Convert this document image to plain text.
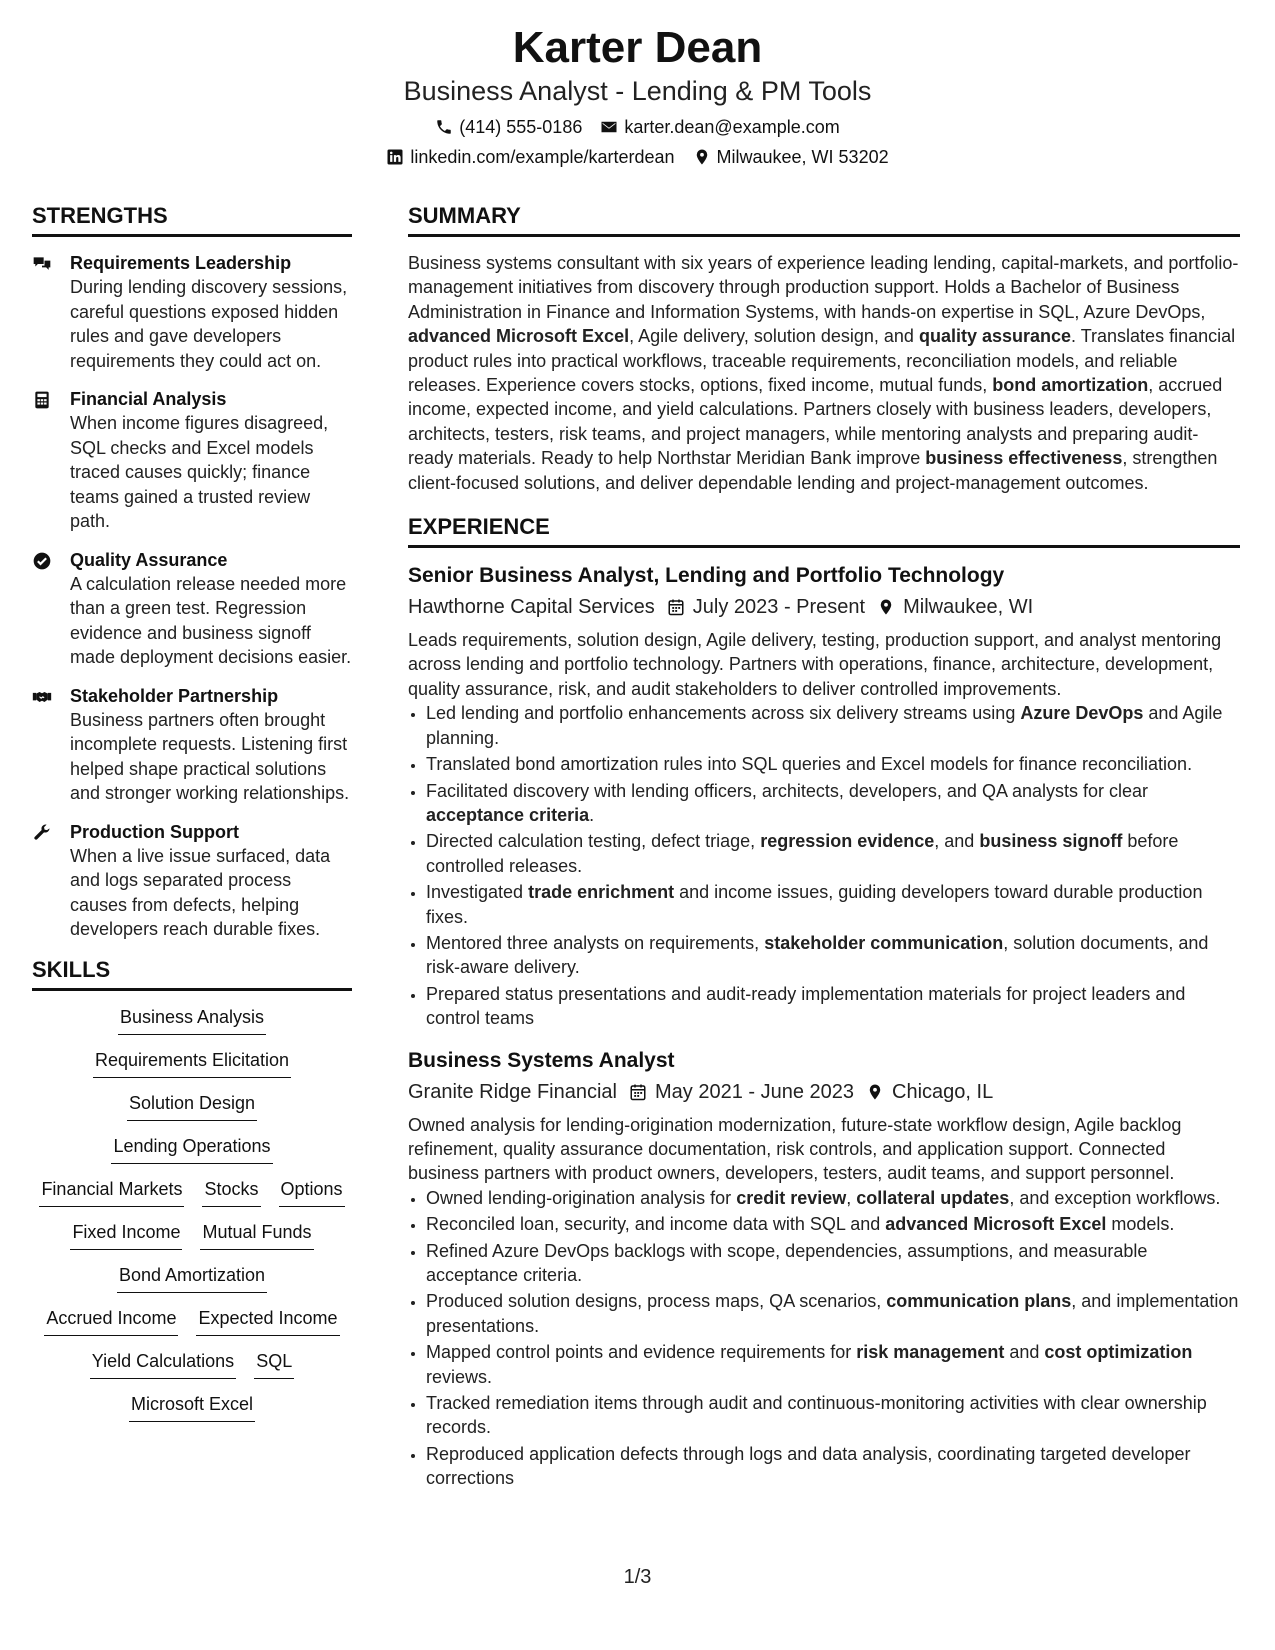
Karter Dean
Business Analyst - Lending & PM Tools
(414) 555-0186 karter.dean@example.com
linkedin.com/example/karterdean Milwaukee, WI 53202
STRENGTHS
Requirements Leadership
During lending discovery sessions, careful questions exposed hidden rules and gave developers requirements they could act on.
Financial Analysis
When income figures disagreed, SQL checks and Excel models traced causes quickly; finance teams gained a trusted review path.
Quality Assurance
A calculation release needed more than a green test. Regression evidence and business signoff made deployment decisions easier.
Stakeholder Partnership
Business partners often brought incomplete requests. Listening first helped shape practical solutions and stronger working relationships.
Production Support
When a live issue surfaced, data and logs separated process causes from defects, helping developers reach durable fixes.
SKILLS
Business Analysis
Requirements Elicitation
Solution Design
Lending Operations
Financial Markets Stocks Options
Fixed Income Mutual Funds
Bond Amortization
Accrued Income Expected Income
Yield Calculations SQL
Microsoft Excel
SUMMARY
Business systems consultant with six years of experience leading lending, capital-markets, and portfolio-management initiatives from discovery through production support. Holds a Bachelor of Business Administration in Finance and Information Systems, with hands-on expertise in SQL, Azure DevOps, advanced Microsoft Excel, Agile delivery, solution design, and quality assurance. Translates financial product rules into practical workflows, traceable requirements, reconciliation models, and reliable releases. Experience covers stocks, options, fixed income, mutual funds, bond amortization, accrued income, expected income, and yield calculations. Partners closely with business leaders, developers, architects, testers, risk teams, and project managers, while mentoring analysts and preparing audit-ready materials. Ready to help Northstar Meridian Bank improve business effectiveness, strengthen client-focused solutions, and deliver dependable lending and project-management outcomes.
EXPERIENCE
Senior Business Analyst, Lending and Portfolio Technology
Hawthorne Capital Services July 2023 - Present Milwaukee, WI
Leads requirements, solution design, Agile delivery, testing, production support, and analyst mentoring across lending and portfolio technology. Partners with operations, finance, architecture, development, quality assurance, risk, and audit stakeholders to deliver controlled improvements.
• Led lending and portfolio enhancements across six delivery streams using Azure DevOps and Agile planning.
• Translated bond amortization rules into SQL queries and Excel models for finance reconciliation.
• Facilitated discovery with lending officers, architects, developers, and QA analysts for clear acceptance criteria.
• Directed calculation testing, defect triage, regression evidence, and business signoff before controlled releases.
• Investigated trade enrichment and income issues, guiding developers toward durable production fixes.
• Mentored three analysts on requirements, stakeholder communication, solution documents, and risk-aware delivery.
• Prepared status presentations and audit-ready implementation materials for project leaders and control teams
Business Systems Analyst
Granite Ridge Financial May 2021 - June 2023 Chicago, IL
Owned analysis for lending-origination modernization, future-state workflow design, Agile backlog refinement, quality assurance documentation, risk controls, and application support. Connected business partners with product owners, developers, testers, audit teams, and support personnel.
• Owned lending-origination analysis for credit review, collateral updates, and exception workflows.
• Reconciled loan, security, and income data with SQL and advanced Microsoft Excel models.
• Refined Azure DevOps backlogs with scope, dependencies, assumptions, and measurable acceptance criteria.
• Produced solution designs, process maps, QA scenarios, communication plans, and implementation presentations.
• Mapped control points and evidence requirements for risk management and cost optimization reviews.
• Tracked remediation items through audit and continuous-monitoring activities with clear ownership records.
• Reproduced application defects through logs and data analysis, coordinating targeted developer corrections
1/3
